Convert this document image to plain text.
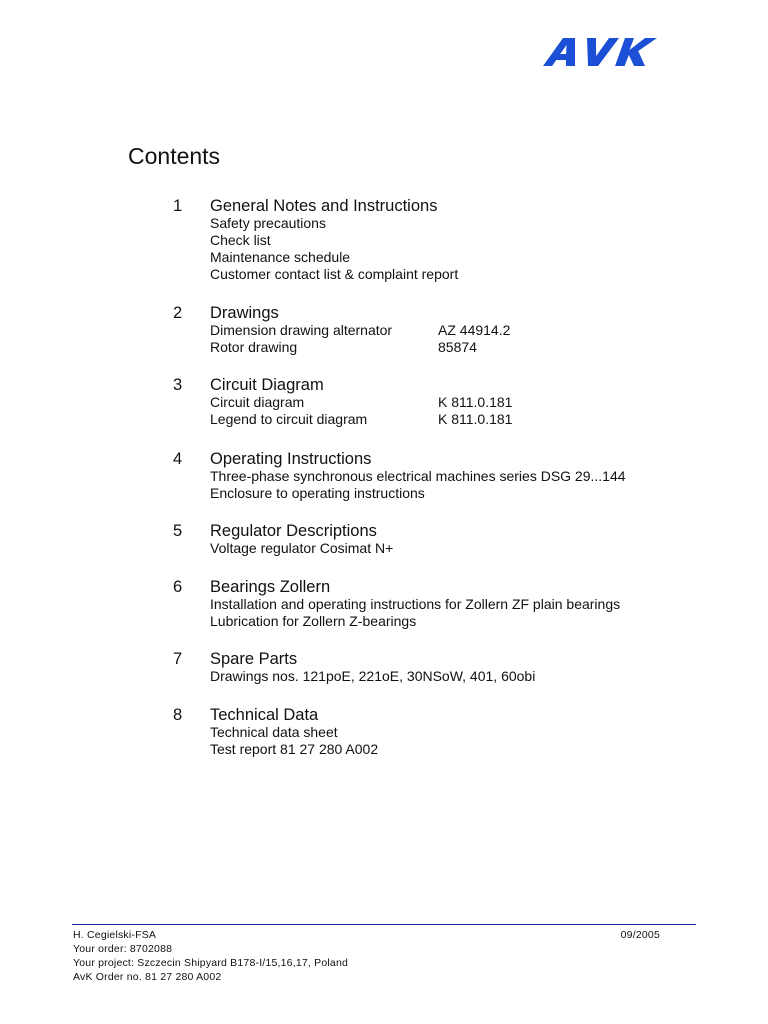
Contents
1 General Notes and Instructions
Safety precautions
Check list
Maintenance schedule
Customer contact list & complaint report
2 Drawings
Dimension drawing alternator	AZ 44914.2
Rotor drawing	85874
3 Circuit Diagram
Circuit diagram	K 811.0.181
Legend to circuit diagram	K 811.0.181
4 Operating Instructions
Three-phase synchronous electrical machines series DSG 29...144
Enclosure to operating instructions
5 Regulator Descriptions
Voltage regulator Cosimat N+
6 Bearings Zollern
Installation and operating instructions for Zollern ZF plain bearings
Lubrication for Zollern Z-bearings
7 Spare Parts
Drawings nos. 121poE, 221oE, 30NSoW, 401, 60obi
8 Technical Data
Technical data sheet
Test report 81 27 280 A002
H. Cegielski-FSA	09/2005
Your order: 8702088
Your project: Szczecin Shipyard B178-I/15,16,17, Poland
AvK Order no. 81 27 280 A002
